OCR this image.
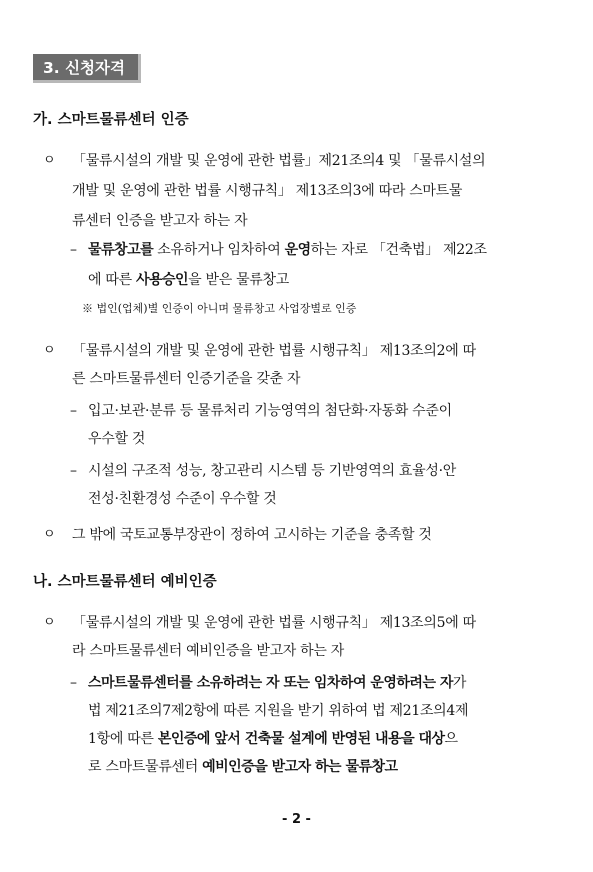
3. 신청자격
가. 스마트물류센터 인증
ㅇ 「물류시설의 개발 및 운영에 관한 법률」제21조의4 및 「물류시설의
개발 및 운영에 관한 법률 시행규칙」 제13조의3에 따라 스마트물
류센터 인증을 받고자 하는 자
– 물류창고를 소유하거나 임차하여 운영하는 자로 「건축법」 제22조
에 따른 사용승인을 받은 물류창고
※ 법인(업체)별 인증이 아니며 물류창고 사업장별로 인증
ㅇ 「물류시설의 개발 및 운영에 관한 법률 시행규칙」 제13조의2에 따
른 스마트물류센터 인증기준을 갖춘 자
– 입고·보관·분류 등 물류처리 기능영역의 첨단화·자동화 수준이
우수할 것
– 시설의 구조적 성능, 창고관리 시스템 등 기반영역의 효율성·안
전성·친환경성 수준이 우수할 것
ㅇ 그 밖에 국토교통부장관이 정하여 고시하는 기준을 충족할 것
나. 스마트물류센터 예비인증
ㅇ 「물류시설의 개발 및 운영에 관한 법률 시행규칙」 제13조의5에 따
라 스마트물류센터 예비인증을 받고자 하는 자
– 스마트물류센터를 소유하려는 자 또는 임차하여 운영하려는 자가
법 제21조의7제2항에 따른 지원을 받기 위하여 법 제21조의4제
1항에 따른 본인증에 앞서 건축물 설계에 반영된 내용을 대상으
로 스마트물류센터 예비인증을 받고자 하는 물류창고
- 2 -
